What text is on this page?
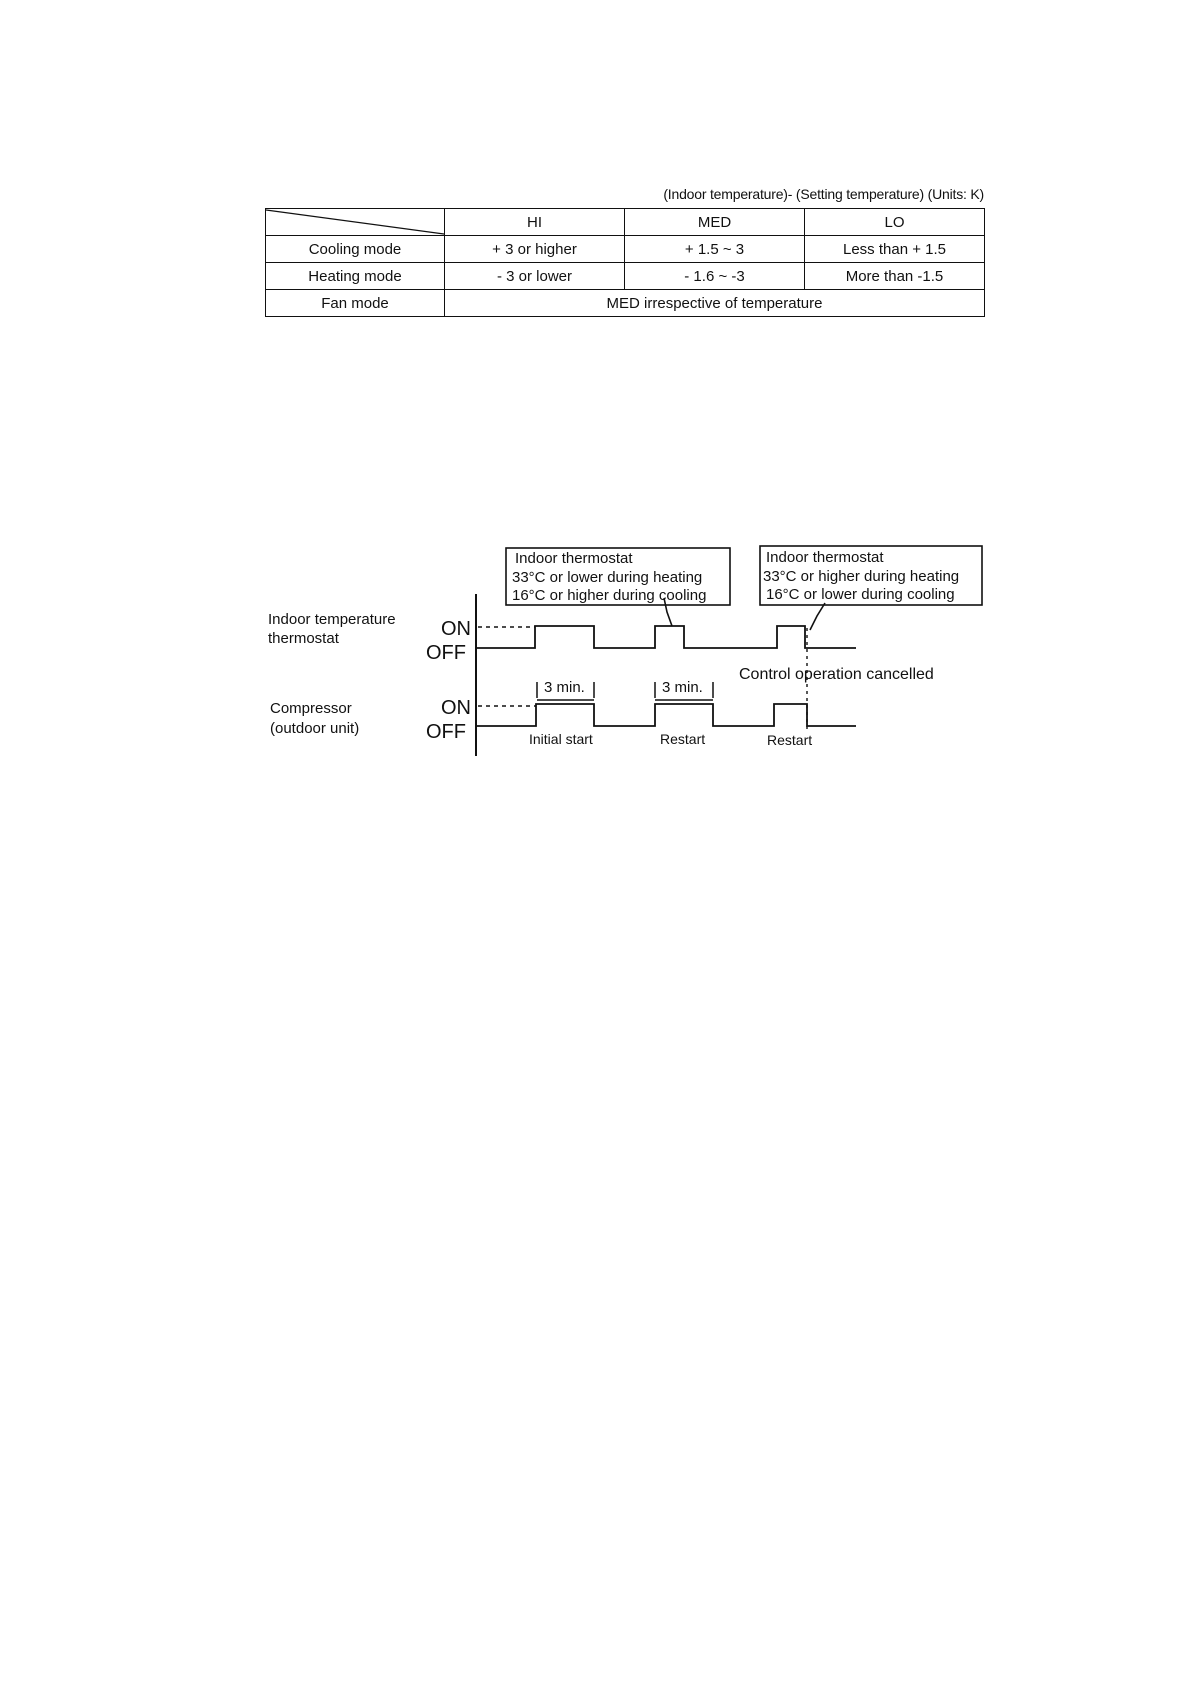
(Indoor temperature)- (Setting temperature) (Units: K)
	HI	MED	LO
Cooling mode	+ 3 or higher	+ 1.5 ~ 3	Less than + 1.5
Heating mode	- 3 or lower	- 1.6 ~ -3	More than -1.5
Fan mode	MED irrespective of temperature		
Indoor thermostat
33°C or lower during heating
16°C or higher during cooling
Indoor thermostat
33°C or higher during heating
16°C or lower during cooling
Indoor temperature
thermostat	ON
OFF
Compressor
(outdoor unit)
ON
OFF
3 min.	3 min.
Control operation cancelled
Initial start	Restart	Restart
